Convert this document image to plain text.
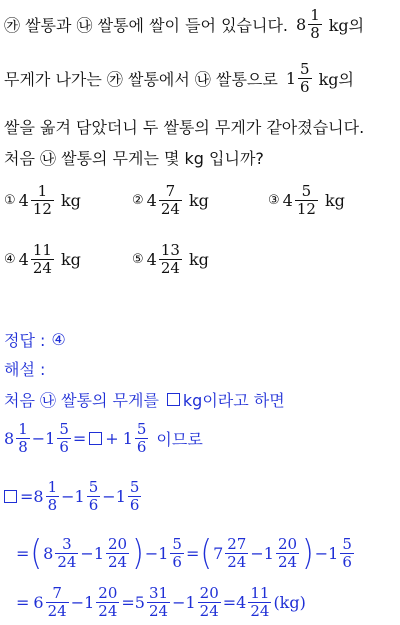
㉮ 쌀통과 ㉯ 쌀통에 쌀이 들어 있습니다. $8 \frac{1}{8}$ kg의
무게가 나가는 ㉮ 쌀통에서 ㉯ 쌀통으로 $1 \frac{5}{6}$ kg의
쌀을 옮겨 담았더니 두 쌀통의 무게가 같아졌습니다.
처음 ㉯ 쌀통의 무게는 몇 kg 입니까?
① $4 \frac{1}{12}$ kg	② $4 \frac{7}{24}$ kg	③ $4 \frac{5}{12}$ kg
④ $4 \frac{11}{24}$ kg	⑤ $4 \frac{13}{24}$ kg
정답 : ④
해설 :
처음 ㉯ 쌀통의 무게를 kg이라고 하면
$8 \frac{1}{8} - 1 \frac{5}{6}$ = + $1 \frac{5}{6}$ 이므로
= $8 \frac{1}{8} - 1 \frac{5}{6} - 1 \frac{5}{6}$
= ( $8 \frac{3}{24} - 1 \frac{20}{24}$ ) − $1 \frac{5}{6}$ = ( $7 \frac{27}{24} - 1 \frac{20}{24}$ ) − $1 \frac{5}{6}$
= $6 \frac{7}{24} - 1 \frac{20}{24} = 5 \frac{31}{24} - 1 \frac{20}{24} = 4 \frac{11}{24} (kg)$
